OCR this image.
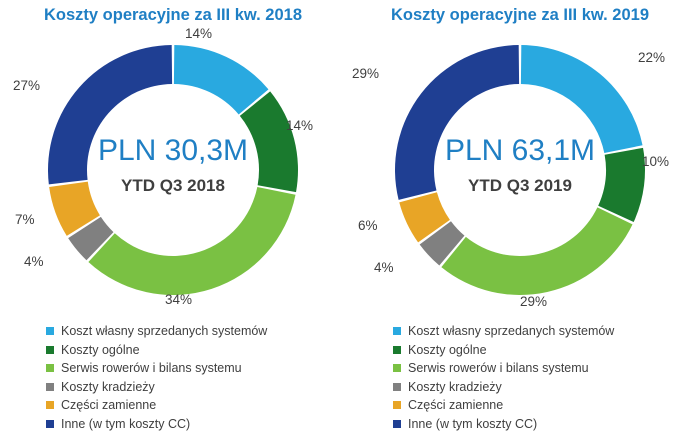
Koszty operacyjne za III kw. 2018
PLN 30,3M
YTD Q3 2018
14%
14%
34%
4%
7%
27%
Koszt własny sprzedanych systemów
Koszty ogólne
Serwis rowerów i bilans systemu
Koszty kradzieży
Części zamienne
Inne (w tym koszty CC)
Koszty operacyjne za III kw. 2019
PLN 63,1M
YTD Q3 2019
22%
10%
29%
4%
6%
29%
Koszt własny sprzedanych systemów
Koszty ogólne
Serwis rowerów i bilans systemu
Koszty kradzieży
Części zamienne
Inne (w tym koszty CC)
